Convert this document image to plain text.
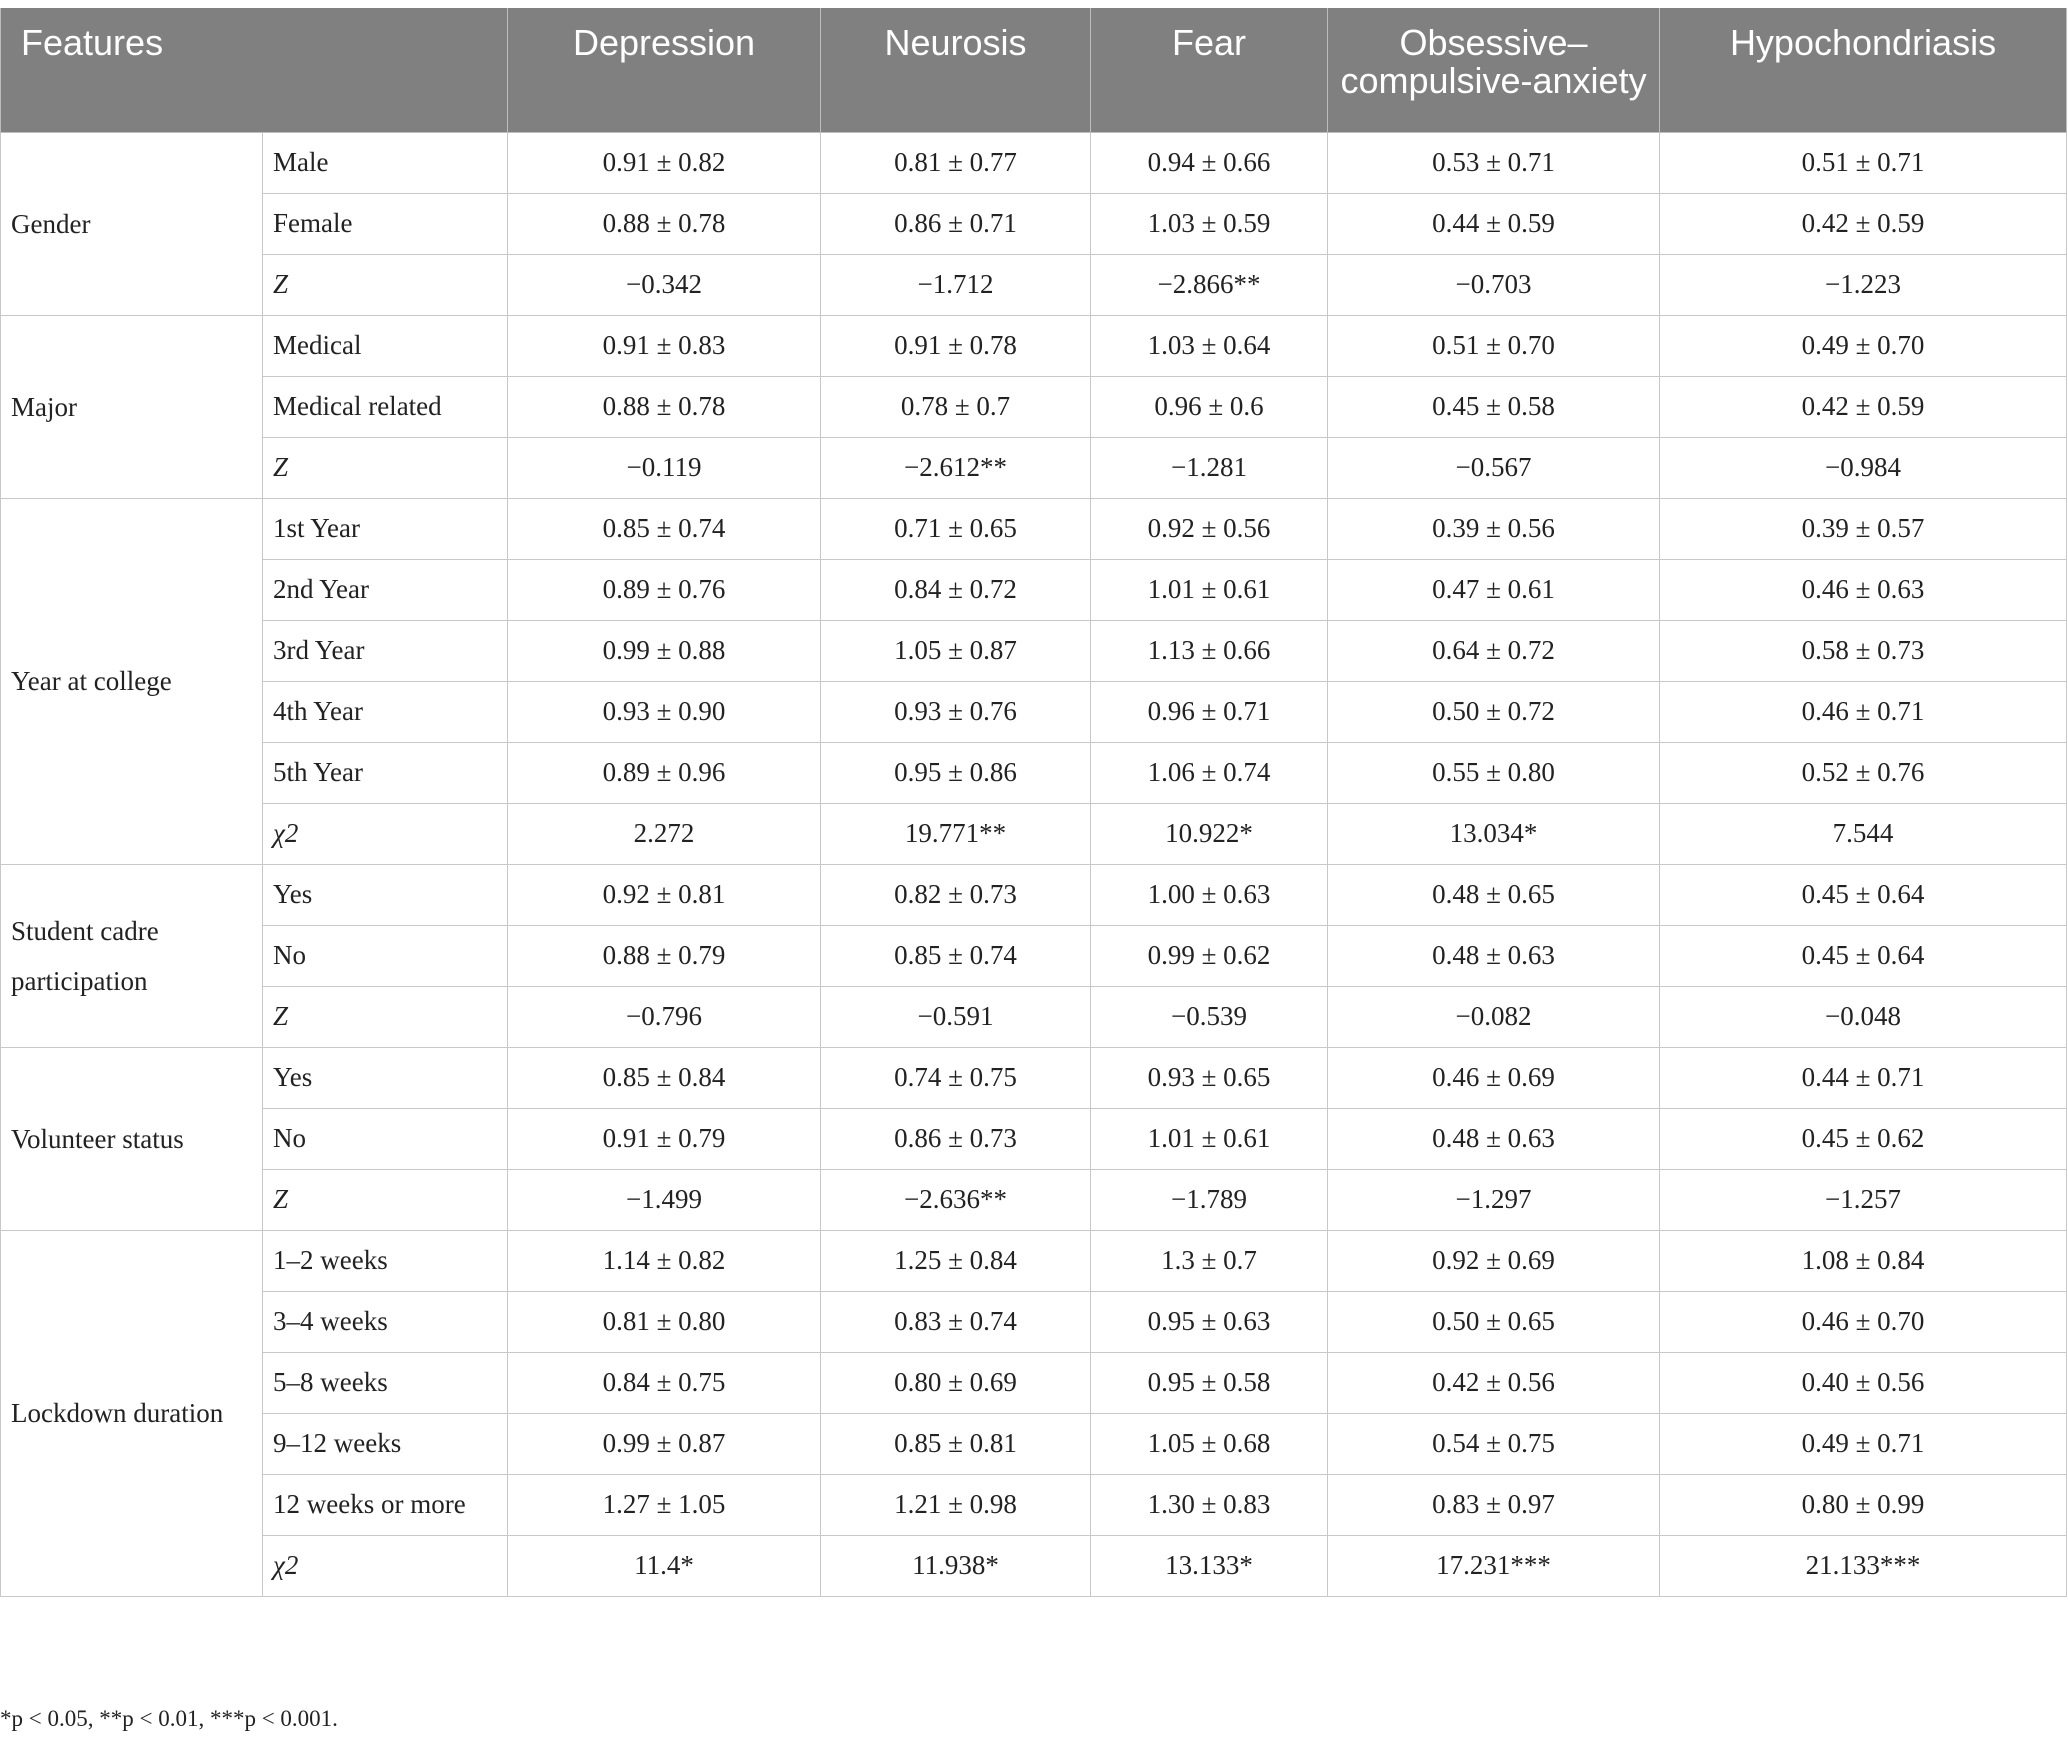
Features		Depression	Neurosis	Fear	Obsessive–compulsive-anxiety	Hypochondriasis
Gender	Male	0.91 ± 0.82	0.81 ± 0.77	0.94 ± 0.66	0.53 ± 0.71	0.51 ± 0.71
	Female	0.88 ± 0.78	0.86 ± 0.71	1.03 ± 0.59	0.44 ± 0.59	0.42 ± 0.59
	Z	−0.342	−1.712	−2.866**	−0.703	−1.223
Major	Medical	0.91 ± 0.83	0.91 ± 0.78	1.03 ± 0.64	0.51 ± 0.70	0.49 ± 0.70
	Medical related	0.88 ± 0.78	0.78 ± 0.7	0.96 ± 0.6	0.45 ± 0.58	0.42 ± 0.59
	Z	−0.119	−2.612**	−1.281	−0.567	−0.984
Year at college	1st Year	0.85 ± 0.74	0.71 ± 0.65	0.92 ± 0.56	0.39 ± 0.56	0.39 ± 0.57
	2nd Year	0.89 ± 0.76	0.84 ± 0.72	1.01 ± 0.61	0.47 ± 0.61	0.46 ± 0.63
	3rd Year	0.99 ± 0.88	1.05 ± 0.87	1.13 ± 0.66	0.64 ± 0.72	0.58 ± 0.73
	4th Year	0.93 ± 0.90	0.93 ± 0.76	0.96 ± 0.71	0.50 ± 0.72	0.46 ± 0.71
	5th Year	0.89 ± 0.96	0.95 ± 0.86	1.06 ± 0.74	0.55 ± 0.80	0.52 ± 0.76
	χ2	2.272	19.771**	10.922*	13.034*	7.544
Student cadre participation	Yes	0.92 ± 0.81	0.82 ± 0.73	1.00 ± 0.63	0.48 ± 0.65	0.45 ± 0.64
	No	0.88 ± 0.79	0.85 ± 0.74	0.99 ± 0.62	0.48 ± 0.63	0.45 ± 0.64
	Z	−0.796	−0.591	−0.539	−0.082	−0.048
Volunteer status	Yes	0.85 ± 0.84	0.74 ± 0.75	0.93 ± 0.65	0.46 ± 0.69	0.44 ± 0.71
	No	0.91 ± 0.79	0.86 ± 0.73	1.01 ± 0.61	0.48 ± 0.63	0.45 ± 0.62
	Z	−1.499	−2.636**	−1.789	−1.297	−1.257
Lockdown duration	1–2 weeks	1.14 ± 0.82	1.25 ± 0.84	1.3 ± 0.7	0.92 ± 0.69	1.08 ± 0.84
	3–4 weeks	0.81 ± 0.80	0.83 ± 0.74	0.95 ± 0.63	0.50 ± 0.65	0.46 ± 0.70
	5–8 weeks	0.84 ± 0.75	0.80 ± 0.69	0.95 ± 0.58	0.42 ± 0.56	0.40 ± 0.56
	9–12 weeks	0.99 ± 0.87	0.85 ± 0.81	1.05 ± 0.68	0.54 ± 0.75	0.49 ± 0.71
	12 weeks or more	1.27 ± 1.05	1.21 ± 0.98	1.30 ± 0.83	0.83 ± 0.97	0.80 ± 0.99
	χ2	11.4*	11.938*	13.133*	17.231***	21.133***
*p < 0.05, **p < 0.01, ***p < 0.001.
